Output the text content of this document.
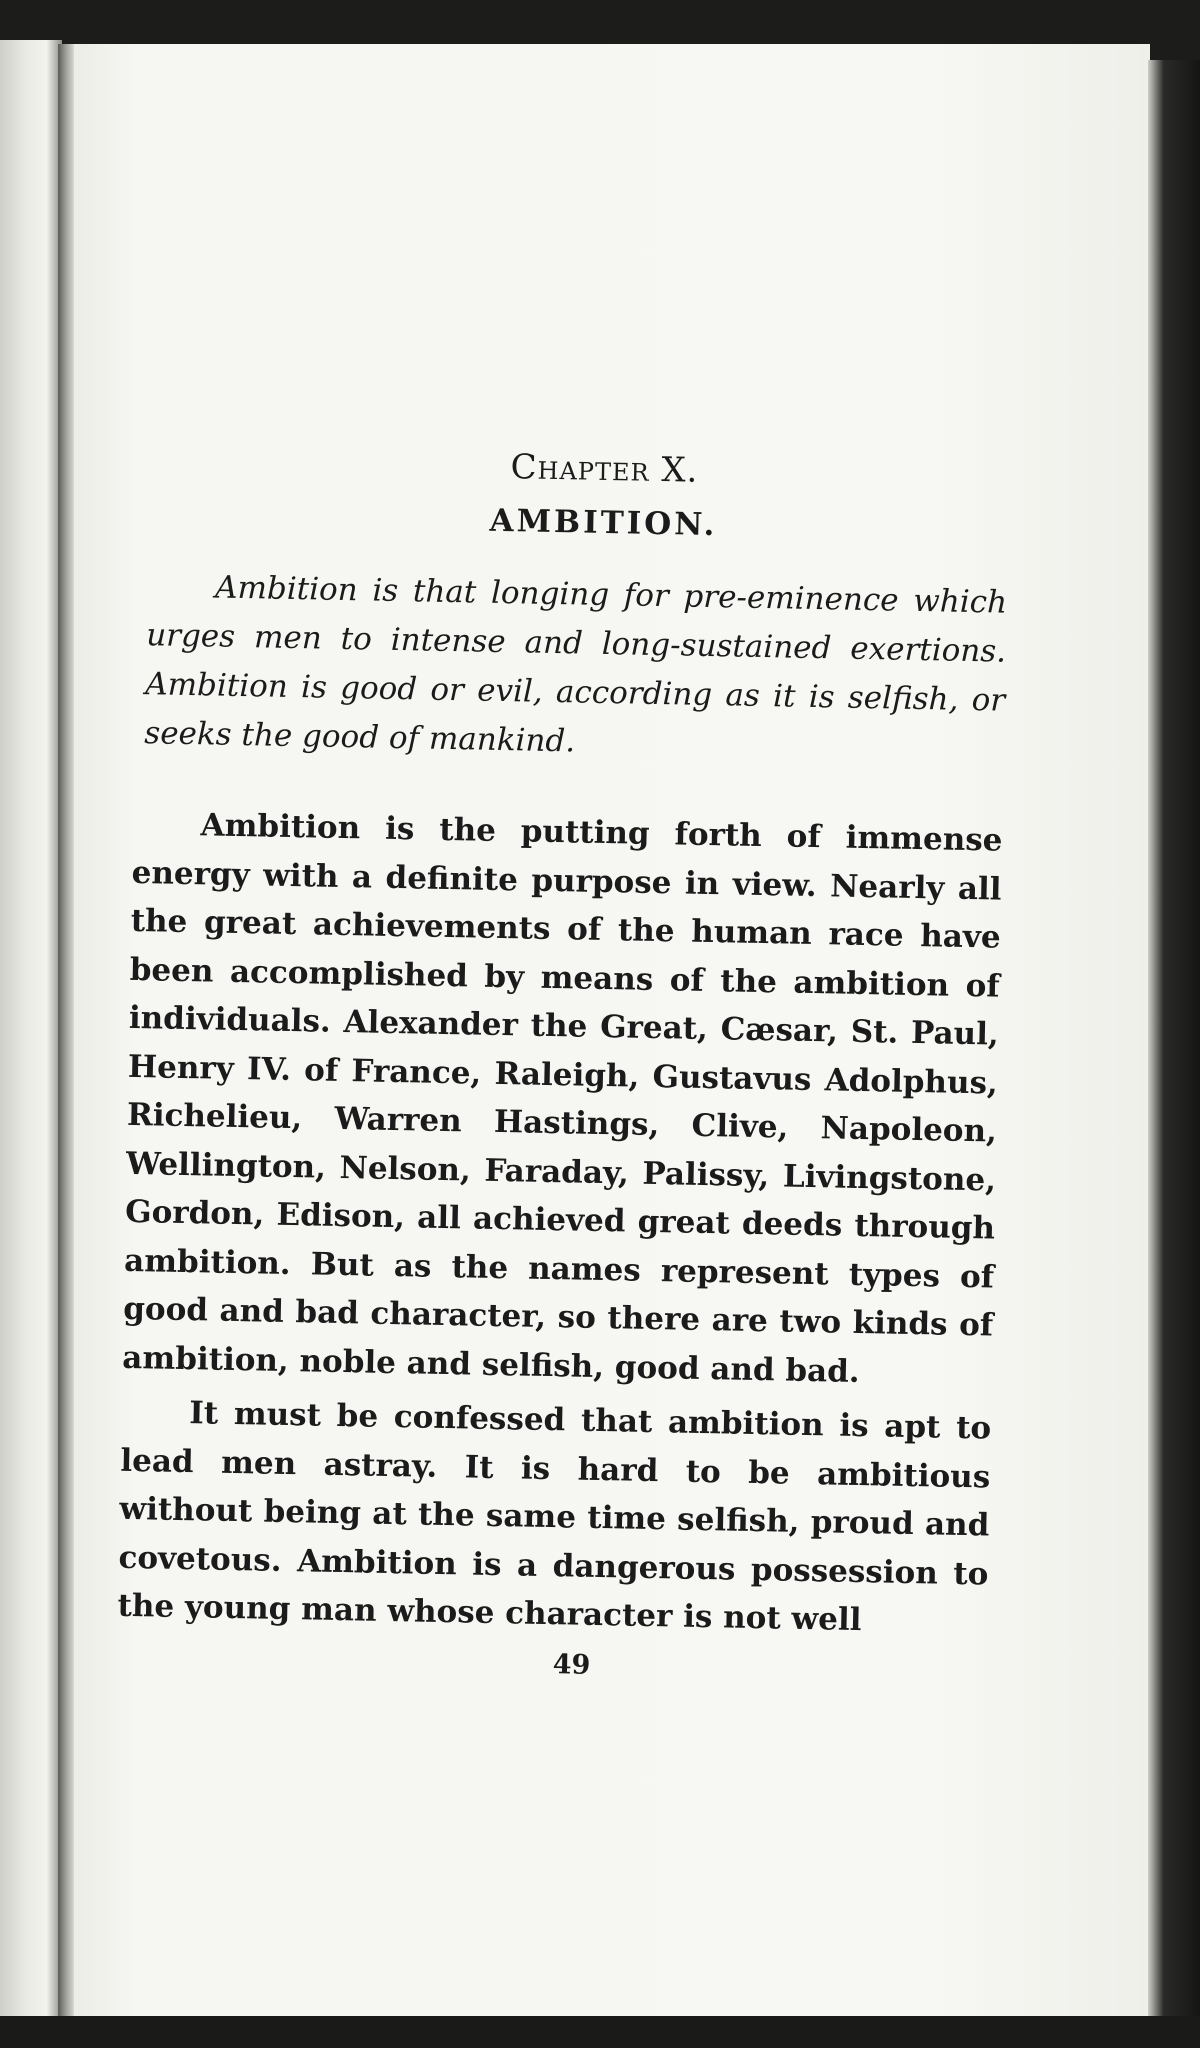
Chapter X.
AMBITION.

Ambition is that longing for pre-eminence which urges men to intense and long-sustained exertions. Ambition is good or evil, according as it is selfish, or seeks the good of mankind.

Ambition is the putting forth of immense energy with a definite purpose in view. Nearly all the great achievements of the human race have been accomplished by means of the ambition of individuals. Alexander the Great, Cæsar, St. Paul, Henry IV. of France, Raleigh, Gustavus Adolphus, Richelieu, Warren Hastings, Clive, Napoleon, Wellington, Nelson, Faraday, Palissy, Livingstone, Gordon, Edison, all achieved great deeds through ambition. But as the names represent types of good and bad character, so there are two kinds of ambition, noble and selfish, good and bad.

It must be confessed that ambition is apt to lead men astray. It is hard to be ambitious without being at the same time selfish, proud and covetous. Ambition is a dangerous possession to the young man whose character is not well

49
